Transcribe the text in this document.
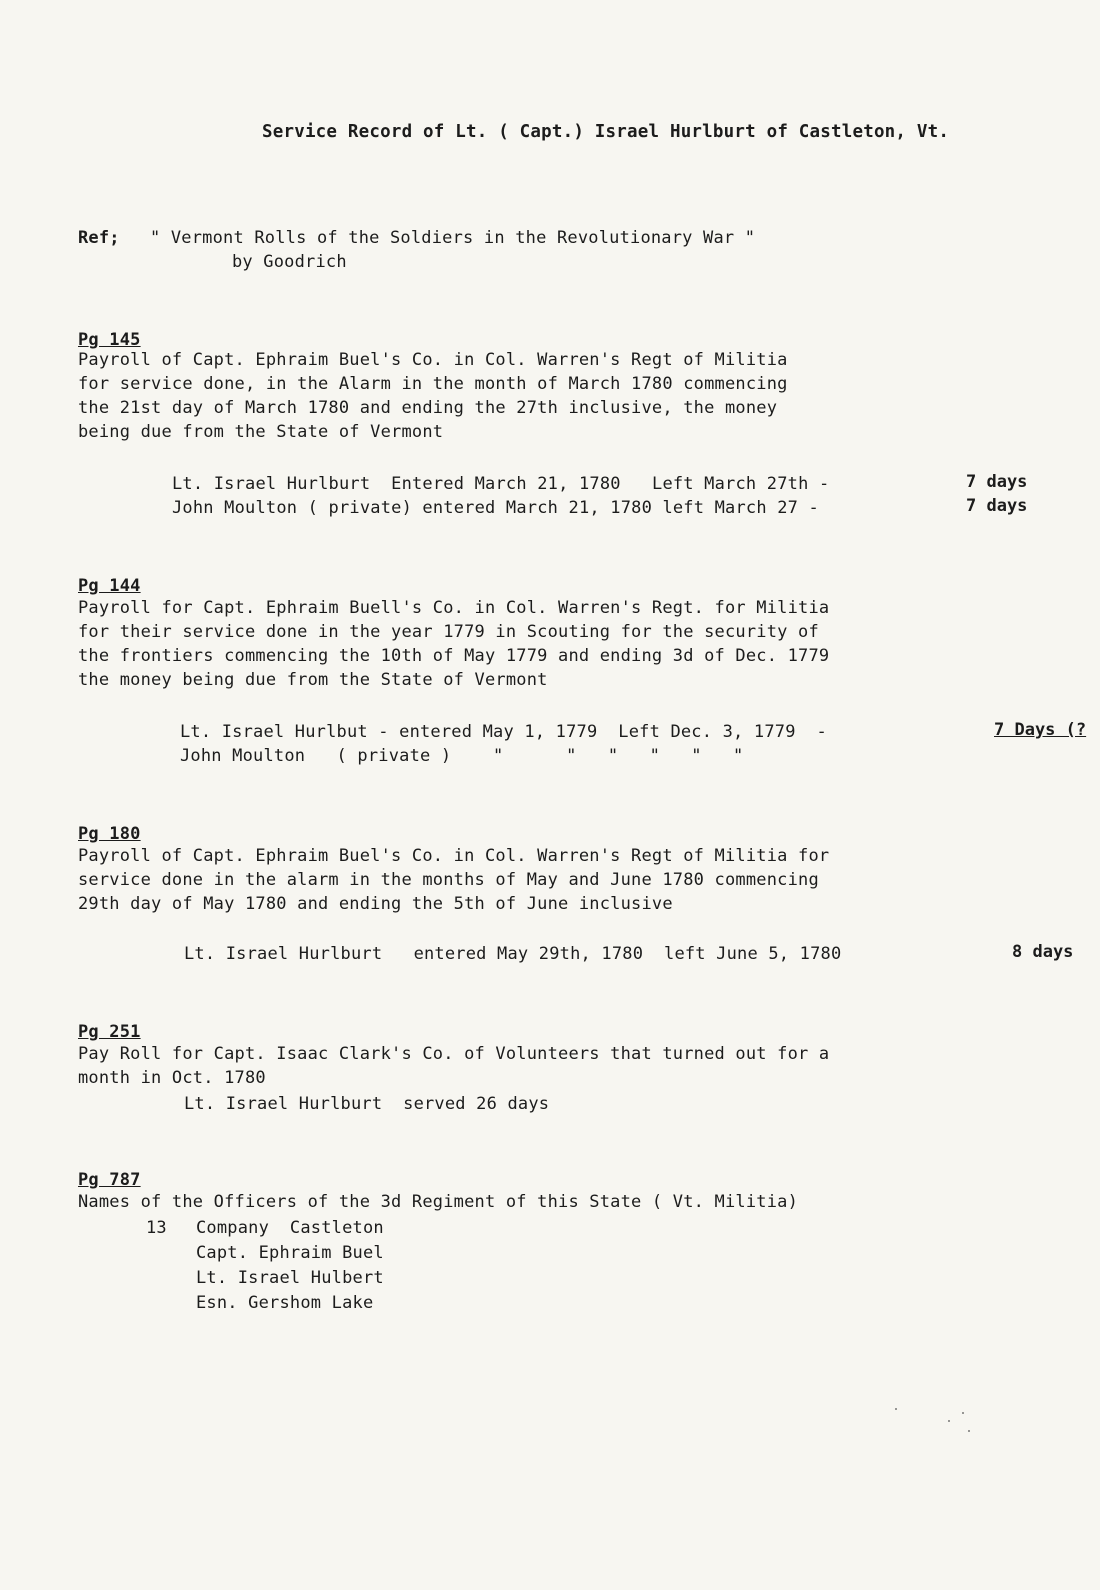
Service Record of Lt. ( Capt.) Israel Hurlburt of Castleton, Vt.
Ref; " Vermont Rolls of the Soldiers in the Revolutionary War "
by Goodrich
Pg 145
Payroll of Capt. Ephraim Buel's Co. in Col. Warren's Regt of Militia
for service done, in the Alarm in the month of March 1780 commencing
the 21st day of March 1780 and ending the 27th inclusive, the money
being due from the State of Vermont
Lt. Israel Hurlburt  Entered March 21, 1780   Left March 27th -	7 days
John Moulton ( private) entered March 21, 1780 left March 27 -	7 days
Pg 144
Payroll for Capt. Ephraim Buell's Co. in Col. Warren's Regt. for Militia
for their service done in the year 1779 in Scouting for the security of
the frontiers commencing the 10th of May 1779 and ending 3d of Dec. 1779
the money being due from the State of Vermont
Lt. Israel Hurlbut - entered May 1, 1779  Left Dec. 3, 1779  -	7 Days (?
John Moulton   ( private )    "      "   "   "   "   "
Pg 180
Payroll of Capt. Ephraim Buel's Co. in Col. Warren's Regt of Militia for
service done in the alarm in the months of May and June 1780 commencing
29th day of May 1780 and ending the 5th of June inclusive
Lt. Israel Hurlburt   entered May 29th, 1780  left June 5, 1780	8 days
Pg 251
Pay Roll for Capt. Isaac Clark's Co. of Volunteers that turned out for a
month in Oct. 1780
Lt. Israel Hurlburt  served 26 days
Pg 787
Names of the Officers of the 3d Regiment of this State ( Vt. Militia)
13 Company  Castleton
Capt. Ephraim Buel
Lt. Israel Hulbert
Esn. Gershom Lake
